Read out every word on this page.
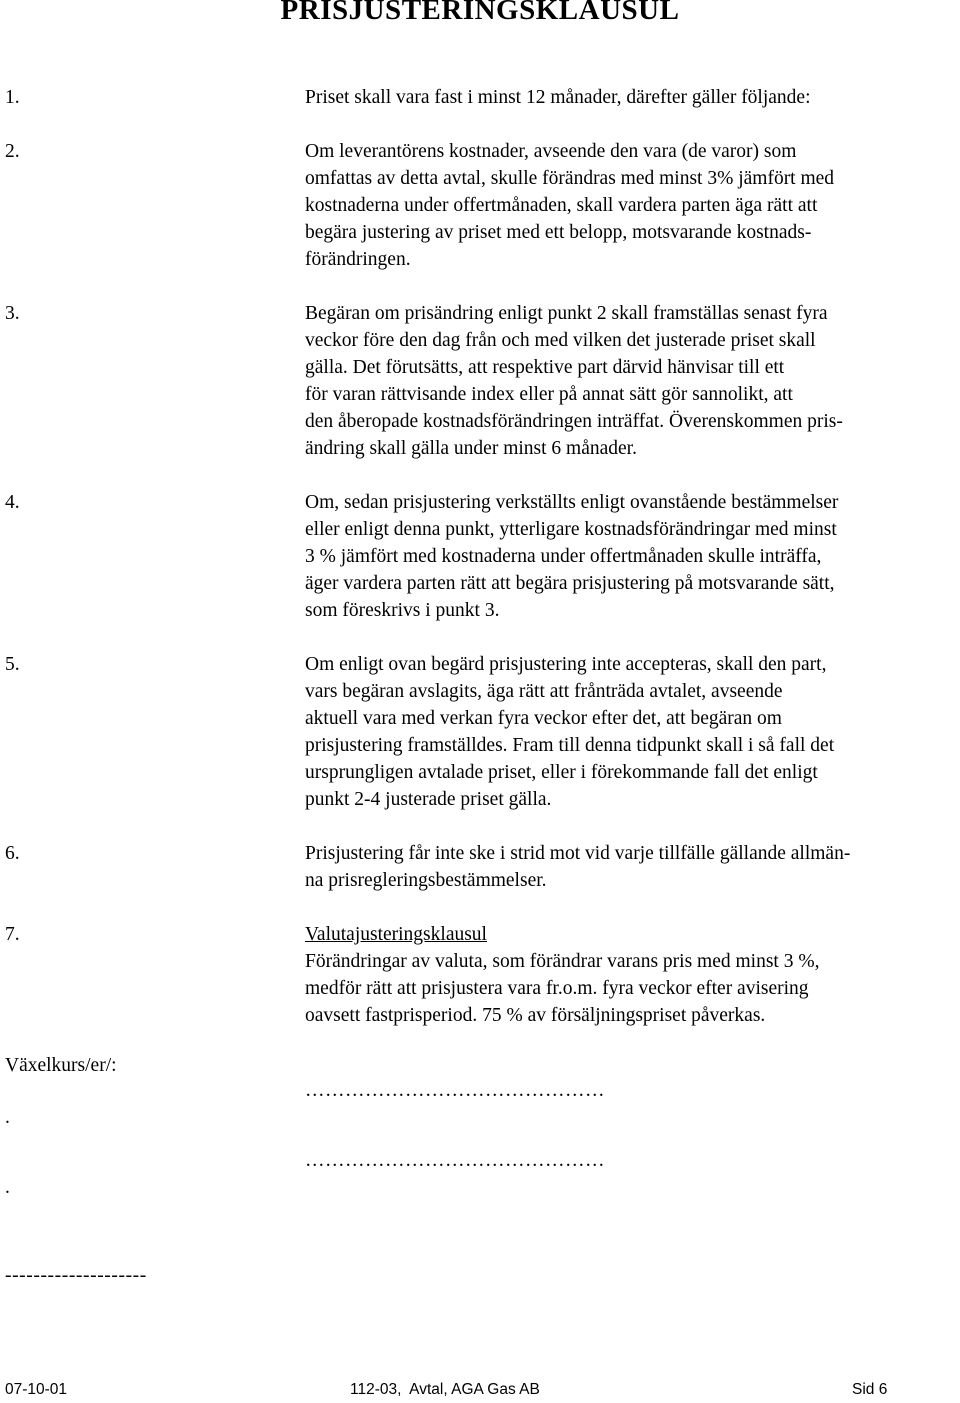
PRISJUSTERINGSKLAUSUL
1.	Priset skall vara fast i minst 12 månader, därefter gäller följande:
2.	Om leverantörens kostnader, avseende den vara (de varor) som
omfattas av detta avtal, skulle förändras med minst 3% jämfört med
kostnaderna under offertmånaden, skall vardera parten äga rätt att
begära justering av priset med ett belopp, motsvarande kostnads-
förändringen.
3.	Begäran om prisändring enligt punkt 2 skall framställas senast fyra
veckor före den dag från och med vilken det justerade priset skall
gälla. Det förutsätts, att respektive part därvid hänvisar till ett
för varan rättvisande index eller på annat sätt gör sannolikt, att
den åberopade kostnadsförändringen inträffat. Överenskommen pris-
ändring skall gälla under minst 6 månader.
4.	Om, sedan prisjustering verkställts enligt ovanstående bestämmelser
eller enligt denna punkt, ytterligare kostnadsförändringar med minst
3 % jämfört med kostnaderna under offertmånaden skulle inträffa,
äger vardera parten rätt att begära prisjustering på motsvarande sätt,
som föreskrivs i punkt 3.
5.	Om enligt ovan begärd prisjustering inte accepteras, skall den part,
vars begäran avslagits, äga rätt att frånträda avtalet, avseende
aktuell vara med verkan fyra veckor efter det, att begäran om
prisjustering framställdes. Fram till denna tidpunkt skall i så fall det
ursprungligen avtalade priset, eller i förekommande fall det enligt
punkt 2-4 justerade priset gälla.
6.	Prisjustering får inte ske i strid mot vid varje tillfälle gällande allmän-
na prisregleringsbestämmelser.
7.	Valutajusteringsklausul
Förändringar av valuta, som förändrar varans pris med minst 3 %,
medför rätt att prisjustera vara fr.o.m. fyra veckor efter avisering
oavsett fastprisperiod. 75 % av försäljningspriset påverkas.
Växelkurs/er/:
.
.
………………………………………
………………………………………
--------------------
07-10-01	112-03,  Avtal, AGA Gas AB	Sid 6
